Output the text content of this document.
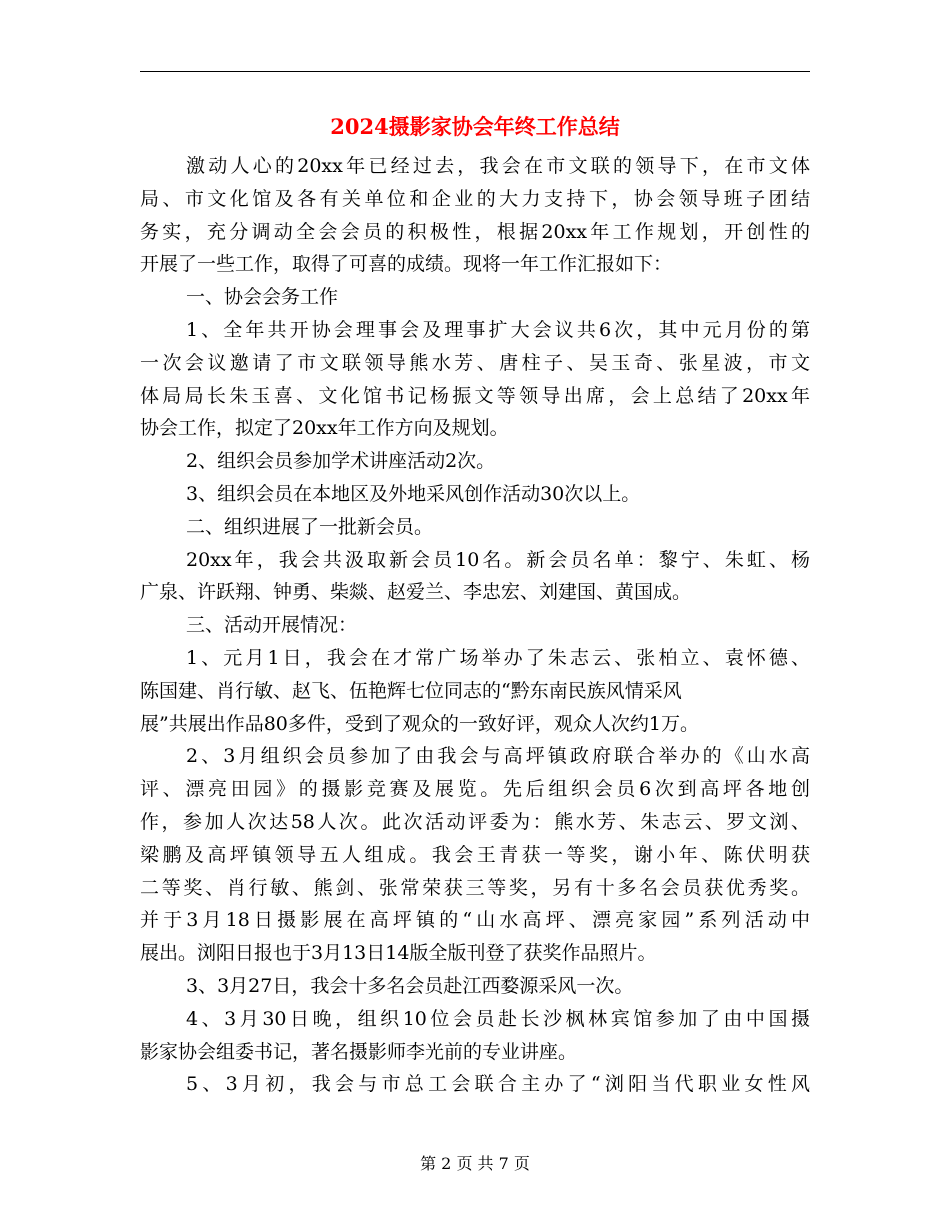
2024摄影家协会年终工作总结
激动人心的20xx年已经过去，我会在市文联的领导下，在市文体
局、市文化馆及各有关单位和企业的大力支持下，协会领导班子团结
务实，充分调动全会会员的积极性，根据20xx年工作规划，开创性的
开展了一些工作，取得了可喜的成绩。现将一年工作汇报如下：
一、协会会务工作
1、全年共开协会理事会及理事扩大会议共6次，其中元月份的第
一次会议邀请了市文联领导熊水芳、唐柱子、吴玉奇、张星波，市文
体局局长朱玉喜、文化馆书记杨振文等领导出席，会上总结了20xx年
协会工作，拟定了20xx年工作方向及规划。
2、组织会员参加学术讲座活动2次。
3、组织会员在本地区及外地采风创作活动30次以上。
二、组织进展了一批新会员。
20xx年，我会共汲取新会员10名。新会员名单：黎宁、朱虹、杨
广泉、许跃翔、钟勇、柴燚、赵爱兰、李忠宏、刘建国、黄国成。
三、活动开展情况：
1、元月1日，我会在才常广场举办了朱志云、张柏立、袁怀德、
陈国建、肖行敏、赵飞、伍艳辉七位同志的“黔东南民族风情采风
展”共展出作品80多件，受到了观众的一致好评，观众人次约1万。
2、3月组织会员参加了由我会与高坪镇政府联合举办的《山水高
评、漂亮田园》的摄影竞赛及展览。先后组织会员6次到高坪各地创
作，参加人次达58人次。此次活动评委为：熊水芳、朱志云、罗文浏、
梁鹏及高坪镇领导五人组成。我会王青获一等奖，谢小年、陈伏明获
二等奖、肖行敏、熊剑、张常荣获三等奖，另有十多名会员获优秀奖。
并于3月18日摄影展在高坪镇的“山水高坪、漂亮家园”系列活动中
展出。浏阳日报也于3月13日14版全版刊登了获奖作品照片。
3、3月27日，我会十多名会员赴江西婺源采风一次。
4、3月30日晚，组织10位会员赴长沙枫林宾馆参加了由中国摄
影家协会组委书记，著名摄影师李光前的专业讲座。
5、3月初，我会与市总工会联合主办了“浏阳当代职业女性风
第 2 页 共 7 页
